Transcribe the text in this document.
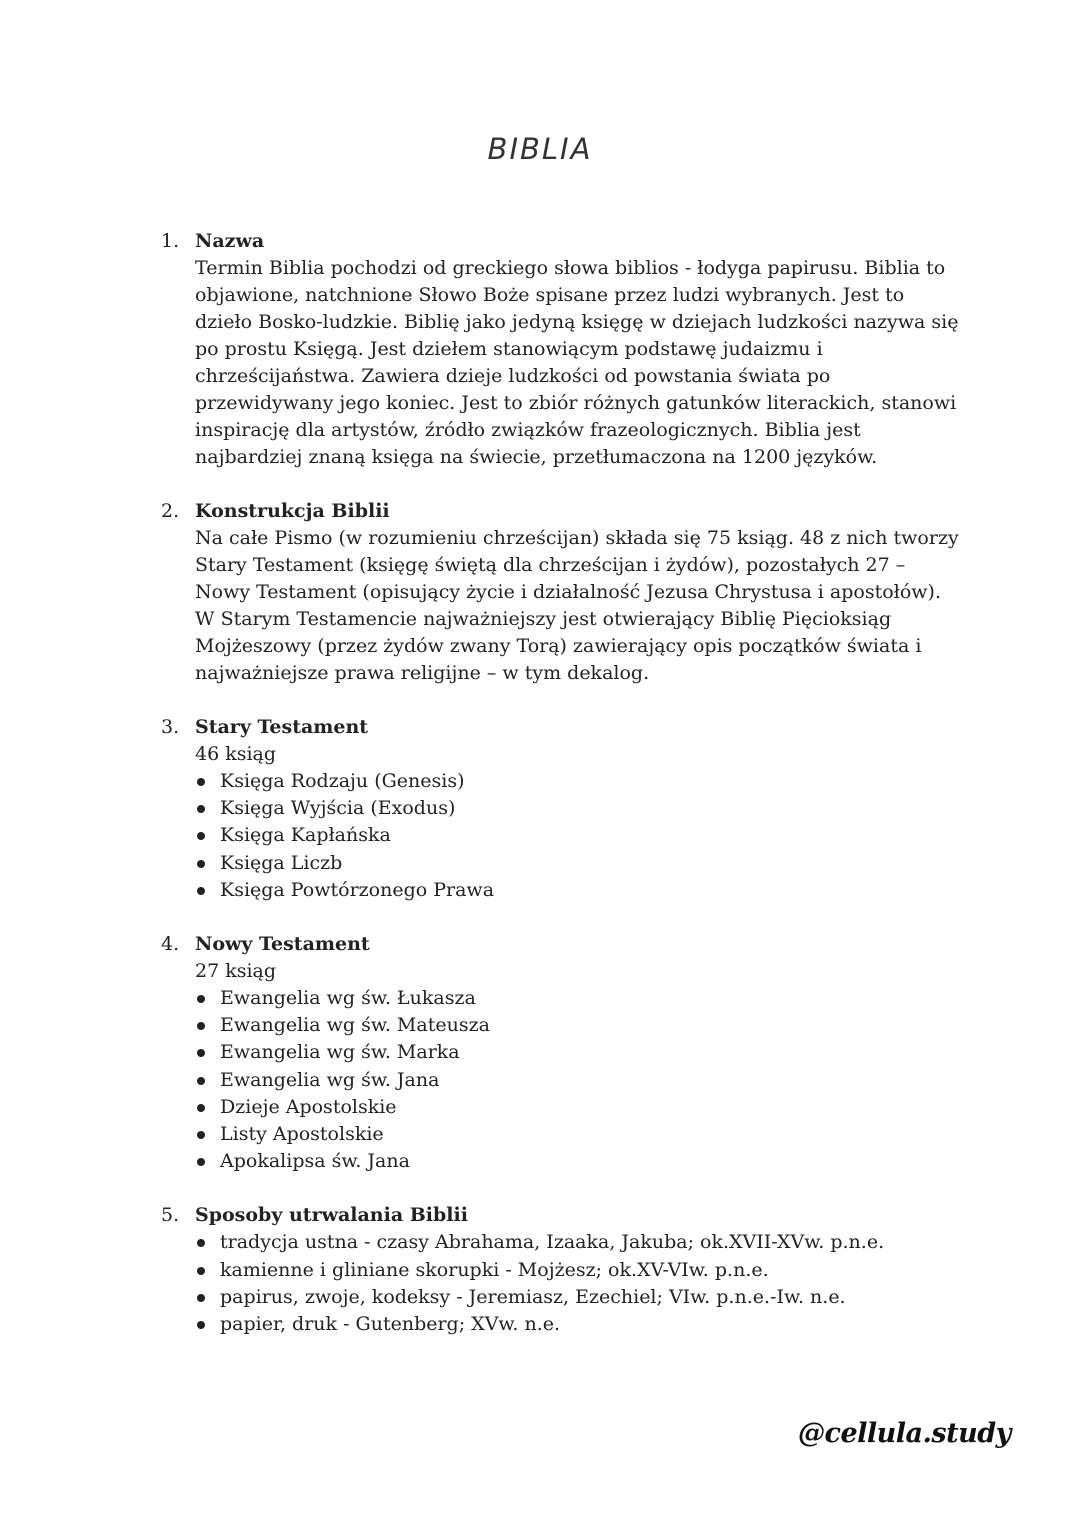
BIBLIA
1. Nazwa
Termin Biblia pochodzi od greckiego słowa biblios - łodyga papirusu. Biblia to objawione, natchnione Słowo Boże spisane przez ludzi wybranych. Jest to dzieło Bosko-ludzkie. Biblię jako jedyną księgę w dziejach ludzkości nazywa się po prostu Księgą. Jest dziełem stanowiącym podstawę judaizmu i chrześcijaństwa. Zawiera dzieje ludzkości od powstania świata po przewidywany jego koniec. Jest to zbiór różnych gatunków literackich, stanowi inspirację dla artystów, źródło związków frazeologicznych. Biblia jest najbardziej znaną księga na świecie, przetłumaczona na 1200 języków.
2. Konstrukcja Biblii
Na całe Pismo (w rozumieniu chrześcijan) składa się 75 ksiąg. 48 z nich tworzy Stary Testament (księgę świętą dla chrześcijan i żydów), pozostałych 27 – Nowy Testament (opisujący życie i działalność Jezusa Chrystusa i apostołów). W Starym Testamencie najważniejszy jest otwierający Biblię Pięcioksiąg Mojżeszowy (przez żydów zwany Torą) zawierający opis początków świata i najważniejsze prawa religijne – w tym dekalog.
3. Stary Testament
46 ksiąg
Księga Rodzaju (Genesis)
Księga Wyjścia (Exodus)
Księga Kapłańska
Księga Liczb
Księga Powtórzonego Prawa
4. Nowy Testament
27 ksiąg
Ewangelia wg św. Łukasza
Ewangelia wg św. Mateusza
Ewangelia wg św. Marka
Ewangelia wg św. Jana
Dzieje Apostolskie
Listy Apostolskie
Apokalipsa św. Jana
5. Sposoby utrwalania Biblii
tradycja ustna - czasy Abrahama, Izaaka, Jakuba; ok.XVII-XVw. p.n.e.
kamienne i gliniane skorupki - Mojżesz; ok.XV-VIw. p.n.e.
papirus, zwoje, kodeksy - Jeremiasz, Ezechiel; VIw. p.n.e.-Iw. n.e.
papier, druk - Gutenberg; XVw. n.e.
@cellula.study
